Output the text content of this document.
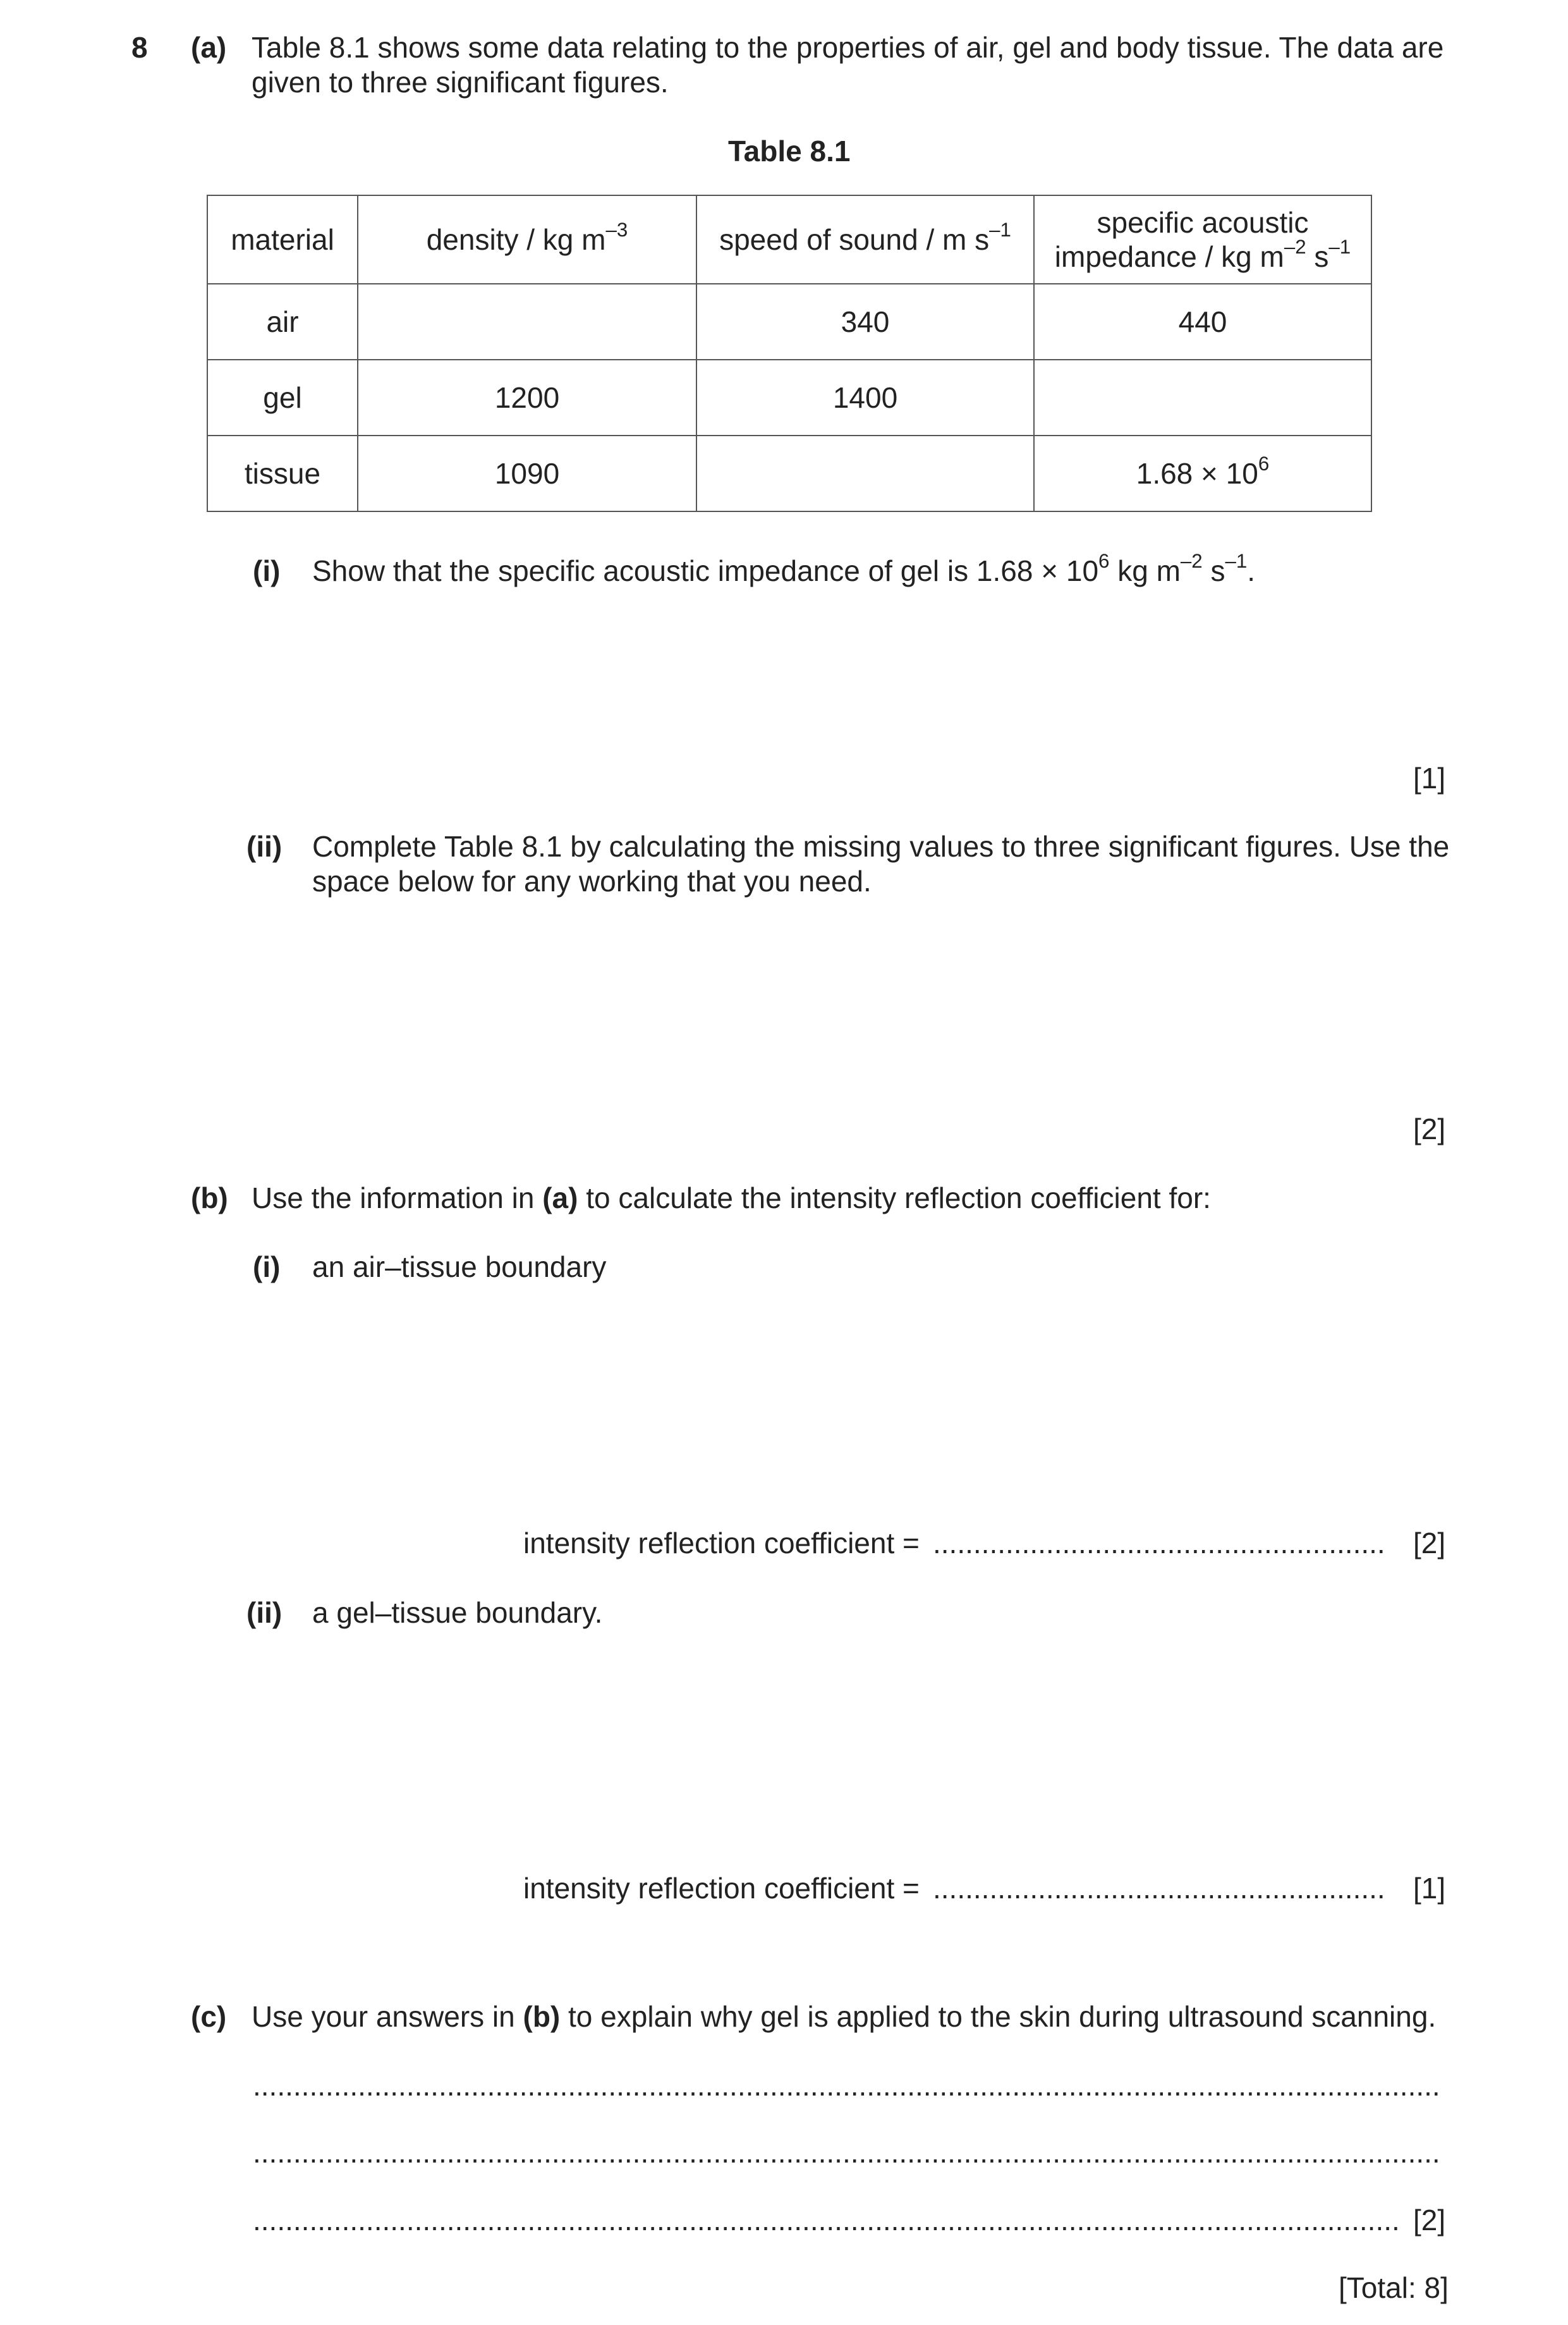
8 (a) Table 8.1 shows some data relating to the properties of air, gel and body tissue. The data are
given to three significant figures.
Table 8.1
material	density / kg $m^{-3}$	speed of sound / m $s^{-1}$	specific acoustic
impedance / kg $m^{-2}$ $s^{-1}$

air		340	440
gel	1200	1400	
tissue	1090		$1.68 \times 10^6$
(i) Show that the specific acoustic impedance of gel is $1.68 \times 10^6$ kg $m^{-2}$ $s^{-1}$.
[1]
(ii) Complete Table 8.1 by calculating the missing values to three significant figures. Use the
space below for any working that you need.
[2]
(b) Use the information in (a) to calculate the intensity reflection coefficient for:
(i) an air–tissue boundary
intensity reflection coefficient = ........................................................ [2]
(ii) a gel–tissue boundary.
intensity reflection coefficient = ........................................................ [1]
(c) Use your answers in (b) to explain why gel is applied to the skin during ultrasound scanning.
...................................................................................................................................................
...................................................................................................................................................
.............................................................................................................................................. [2]
[Total: 8]
